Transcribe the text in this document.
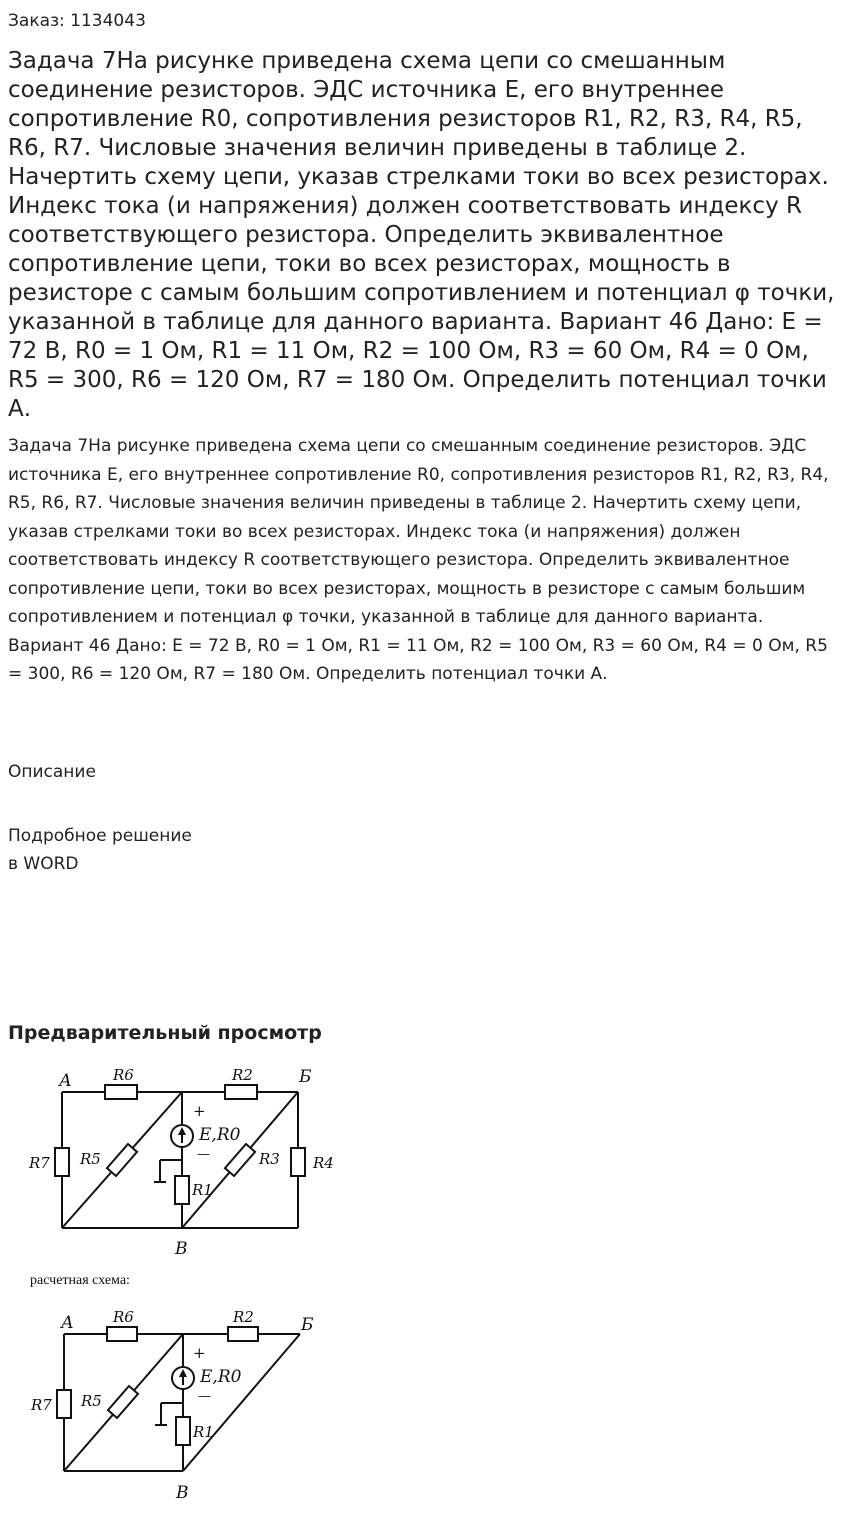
Заказ: 1134043

Задача 7На рисунке приведена схема цепи со смешанным соединение резисторов. ЭДС источника Е, его внутреннее сопротивление R0, сопротивления резисторов R1, R2, R3, R4, R5, R6, R7. Числовые значения величин приведены в таблице 2. Начертить схему цепи, указав стрелками токи во всех резисторах. Индекс тока (и напряжения) должен соответствовать индексу R соответствующего резистора. Определить эквивалентное сопротивление цепи, токи во всех резисторах, мощность в резисторе с самым большим сопротивлением и потенциал φ точки, указанной в таблице для данного варианта. Вариант 46 Дано: Е = 72 В, R0 = 1 Ом, R1 = 11 Ом, R2 = 100 Ом, R3 = 60 Ом, R4 = 0 Ом, R5 = 300, R6 = 120 Ом, R7 = 180 Ом. Определить потенциал точки А.

Задача 7На рисунке приведена схема цепи со смешанным соединение резисторов. ЭДС источника Е, его внутреннее сопротивление R0, сопротивления резисторов R1, R2, R3, R4, R5, R6, R7. Числовые значения величин приведены в таблице 2. Начертить схему цепи, указав стрелками токи во всех резисторах. Индекс тока (и напряжения) должен соответствовать индексу R соответствующего резистора. Определить эквивалентное сопротивление цепи, токи во всех резисторах, мощность в резисторе с самым большим сопротивлением и потенциал φ точки, указанной в таблице для данного варианта. Вариант 46 Дано: Е = 72 В, R0 = 1 Ом, R1 = 11 Ом, R2 = 100 Ом, R3 = 60 Ом, R4 = 0 Ом, R5 = 300, R6 = 120 Ом, R7 = 180 Ом. Определить потенциал точки А.

Описание
Подробное решение
в WORD
Предварительный просмотр
А	R6	R2	Б
R7 R5
+
E,R0
—	R3 R4
R1
В
расчетная схема:
А	R6	R2	Б
R7 R5
+
E,R0
—
R1
В
